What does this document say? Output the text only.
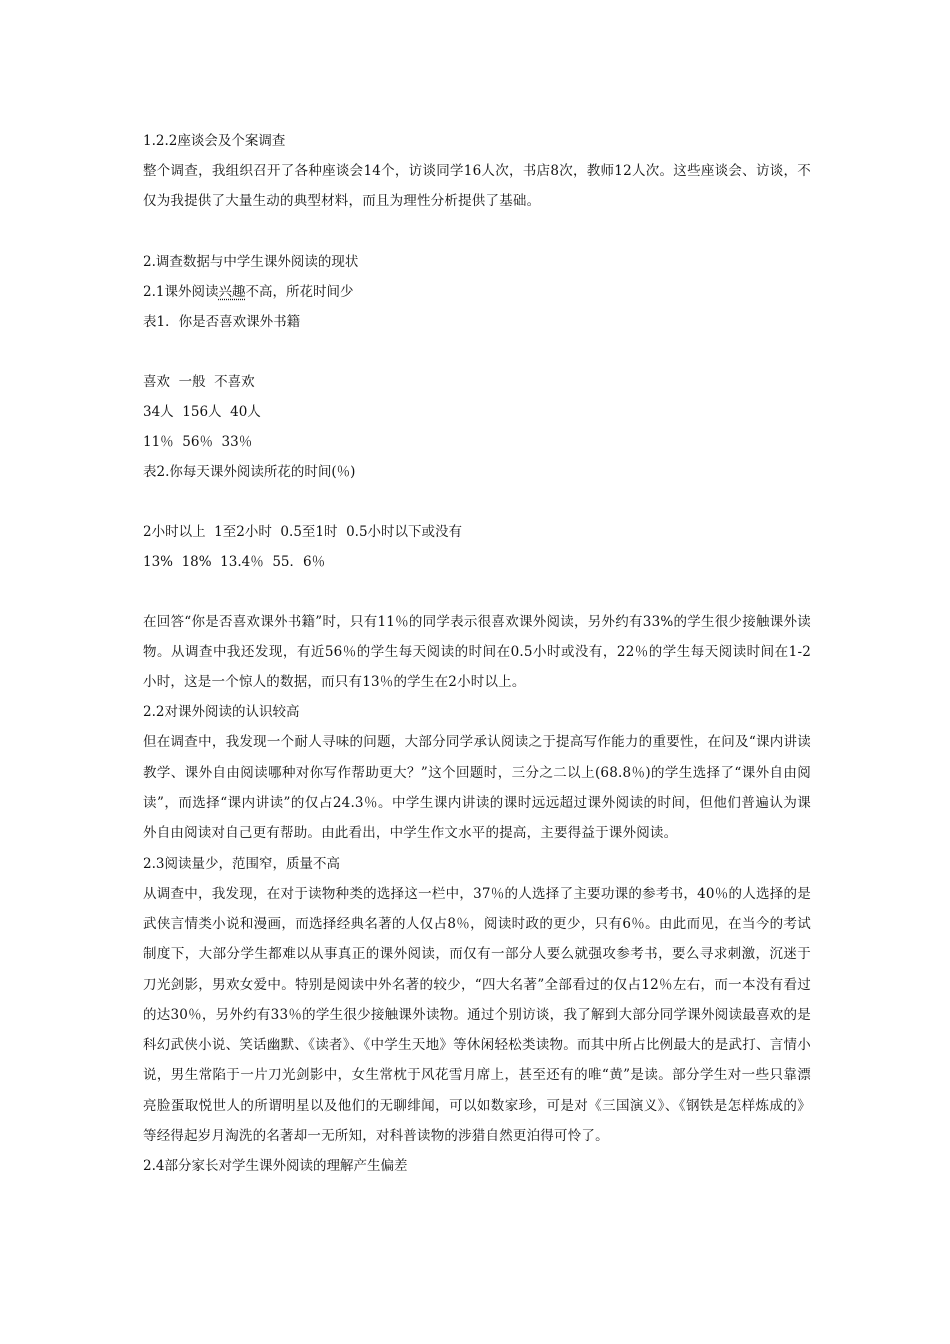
1.2.2座谈会及个案调查
整个调查，我组织召开了各种座谈会14个，访谈同学16人次，书店8次，教师12人次。这些座谈会、访谈，不仅为我提供了大量生动的典型材料，而且为理性分析提供了基础。
2.调查数据与中学生课外阅读的现状
2.1课外阅读兴趣不高，所花时间少
表1．你是否喜欢课外书籍
喜欢  一般  不喜欢
34人  156人  40人
11％  56％  33％
表2.你每天课外阅读所花的时间(％)
2小时以上  1至2小时  0.5至1时  0.5小时以下或没有
13%  18%  13.4％  55．6％
在回答“你是否喜欢课外书籍”时，只有11％的同学表示很喜欢课外阅读，另外约有33%的学生很少接触课外读物。从调查中我还发现，有近56％的学生每天阅读的时间在0.5小时或没有，22％的学生每天阅读时间在1-2小时，这是一个惊人的数据，而只有13％的学生在2小时以上。
2.2对课外阅读的认识较高
但在调查中，我发现一个耐人寻味的问题，大部分同学承认阅读之于提高写作能力的重要性，在问及“课内讲读教学、课外自由阅读哪种对你写作帮助更大？”这个回题时，三分之二以上(68.8％)的学生选择了“课外自由阅读”，而选择“课内讲读”的仅占24.3％。中学生课内讲读的课时远远超过课外阅读的时间，但他们普遍认为课外自由阅读对自己更有帮助。由此看出，中学生作文水平的提高，主要得益于课外阅读。
2.3阅读量少，范围窄，质量不高
从调查中，我发现，在对于读物种类的选择这一栏中，37％的人选择了主要功课的参考书，40％的人选择的是武侠言情类小说和漫画，而选择经典名著的人仅占8％，阅读时政的更少，只有6％。由此而见，在当今的考试制度下，大部分学生都难以从事真正的课外阅读，而仅有一部分人要么就强攻参考书，要么寻求刺激，沉迷于刀光剑影，男欢女爱中。特别是阅读中外名著的较少，“四大名著”全部看过的仅占12％左右，而一本没有看过的达30％，另外约有33％的学生很少接触课外读物。通过个别访谈，我了解到大部分同学课外阅读最喜欢的是科幻武侠小说、笑话幽默、《读者》、《中学生天地》等休闲轻松类读物。而其中所占比例最大的是武打、言情小说，男生常陷于一片刀光剑影中，女生常枕于风花雪月席上，甚至还有的唯“黄”是读。部分学生对一些只靠漂亮脸蛋取悦世人的所谓明星以及他们的无聊绯闻，可以如数家珍，可是对《三国演义》、《钢铁是怎样炼成的》等经得起岁月淘洗的名著却一无所知，对科普读物的涉猎自然更泊得可怜了。
2.4部分家长对学生课外阅读的理解产生偏差
